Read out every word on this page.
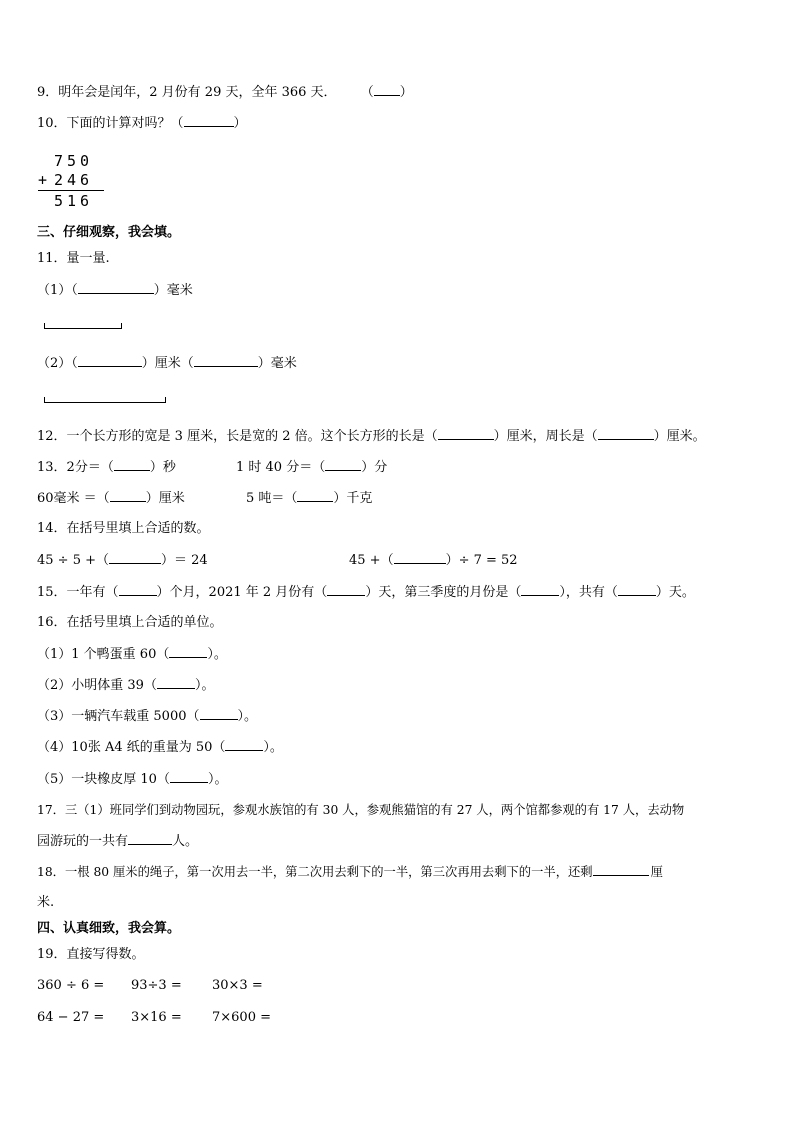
9．明年会是闰年，2 月份有 29 天，全年 366 天． （ ）
10．下面的计算对吗？（	）
750
+ 246
516
三、仔细观察，我会填。
11．量一量.
（1）（	）毫米
（2）（	）厘米（	）毫米
12．一个长方形的宽是 3 厘米，长是宽的 2 倍。这个长方形的长是（	）厘米，周长是（	）厘米。
13．2分＝（	）秒	1 时 40 分＝（	）分
60毫米 ＝（	）厘米	5 吨＝（	）千克
14．在括号里填上合适的数。
45 ÷ 5 +（	）＝ 24	45 +（	）÷ 7 = 52
15．一年有（	）个月，2021 年 2 月份有（	）天，第三季度的月份是（	），共有（	）天。
16．在括号里填上合适的单位。
（1）1 个鸭蛋重 60（	）。
（2）小明体重 39（	）。
（3）一辆汽车载重 5000（	）。
（4）10张 A4 纸的重量为 50（	）。
（5）一块橡皮厚 10（	）。
17．三（1）班同学们到动物园玩，参观水族馆的有 30 人，参观熊猫馆的有 27 人，两个馆都参观的有 17 人，去动物
园游玩的一共有	人。
18．一根 80 厘米的绳子，第一次用去一半，第二次用去剩下的一半，第三次再用去剩下的一半，还剩	厘
米.
四、认真细致，我会算。
19．直接写得数。
360 ÷ 6 = 93÷3 = 30×3 =
64 − 27 = 3×16 = 7×600 =
